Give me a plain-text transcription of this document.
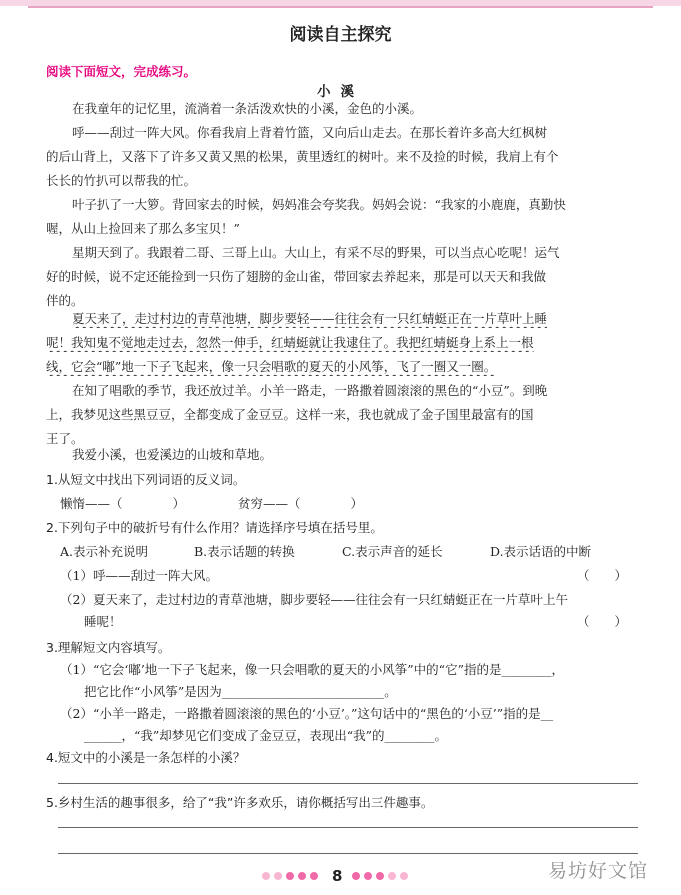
阅读自主探究
阅读下面短文，完成练习。
小溪
在我童年的记忆里，流淌着一条活泼欢快的小溪，金色的小溪。
呼——刮过一阵大风。你看我肩上背着竹篮，又向后山走去。在那长着许多高大红枫树
的后山背上，又落下了许多又黄又黑的松果，黄里透红的树叶。来不及捡的时候，我肩上有个
长长的竹扒可以帮我的忙。
叶子扒了一大箩。背回家去的时候，妈妈准会夸奖我。妈妈会说：“我家的小鹿鹿，真勤快
喔，从山上捡回来了那么多宝贝！”
星期天到了。我跟着二哥、三哥上山。大山上，有采不尽的野果，可以当点心吃呢！运气
好的时候，说不定还能捡到一只伤了翅膀的金山雀，带回家去养起来，那是可以天天和我做
伴的。
夏天来了，走过村边的青草池塘，脚步要轻——往往会有一只红蜻蜓正在一片草叶上睡
呢！我知鬼不觉地走过去，忽然一伸手，红蜻蜓就让我逮住了。我把红蜻蜓身上系上一根
线，它会“嘟”地一下子飞起来，像一只会唱歌的夏天的小风筝，飞了一圈又一圈。
在知了唱歌的季节，我还放过羊。小羊一路走，一路撒着圆滚滚的黑色的“小豆”。到晚
上，我梦见这些黑豆豆，全都变成了金豆豆。这样一来，我也就成了金子国里最富有的国
王了。
我爱小溪，也爱溪边的山坡和草地。
1.从短文中找出下列词语的反义词。
懒惰——（　　　　）	贫穷——（　　　　）
2.下列句子中的破折号有什么作用？请选择序号填在括号里。
A.表示补充说明	B.表示话题的转换	C.表示声音的延长	D.表示话语的中断
（1）呼——刮过一阵大风。	（　　）
（2）夏天来了，走过村边的青草池塘，脚步要轻——往往会有一只红蜻蜓正在一片草叶上午
睡呢！	（　　）
3.理解短文内容填写。
（1）“它会‘嘟’地一下子飞起来，像一只会唱歌的夏天的小风筝”中的“它”指的是________，
把它比作“小风筝”是因为__________________________。
（2）“小羊一路走，一路撒着圆滚滚的黑色的‘小豆’。”这句话中的“黑色的‘小豆’”指的是__
______，“我”却梦见它们变成了金豆豆，表现出“我”的________。
4.短文中的小溪是一条怎样的小溪？
5.乡村生活的趣事很多，给了“我”许多欢乐，请你概括写出三件趣事。
8	易坊好文馆
